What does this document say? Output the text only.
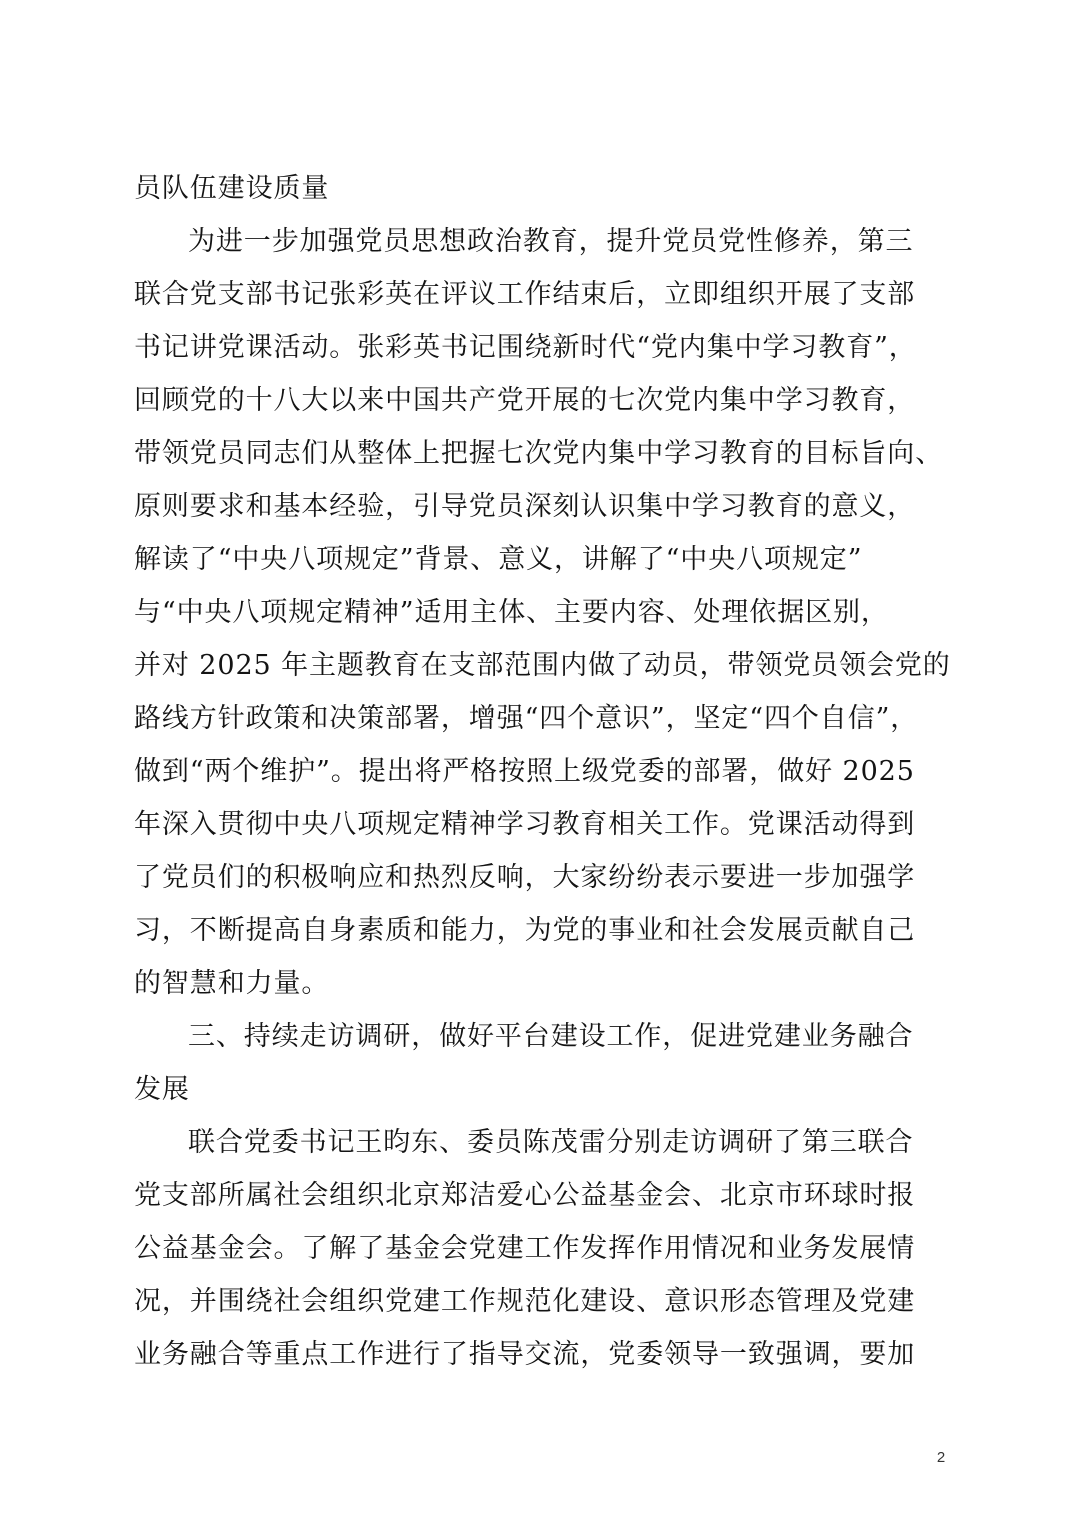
员队伍建设质量
为进一步加强党员思想政治教育，提升党员党性修养，第三
联合党支部书记张彩英在评议工作结束后，立即组织开展了支部
书记讲党课活动。张彩英书记围绕新时代“党内集中学习教育”，
回顾党的十八大以来中国共产党开展的七次党内集中学习教育，
带领党员同志们从整体上把握七次党内集中学习教育的目标旨向、
原则要求和基本经验，引导党员深刻认识集中学习教育的意义，
解读了“中央八项规定”背景、意义，讲解了“中央八项规定”
与“中央八项规定精神”适用主体、主要内容、处理依据区别，
并对 2025 年主题教育在支部范围内做了动员，带领党员领会党的
路线方针政策和决策部署，增强“四个意识”，坚定“四个自信”，
做到“两个维护”。提出将严格按照上级党委的部署，做好 2025
年深入贯彻中央八项规定精神学习教育相关工作。党课活动得到
了党员们的积极响应和热烈反响，大家纷纷表示要进一步加强学
习，不断提高自身素质和能力，为党的事业和社会发展贡献自己
的智慧和力量。
三、持续走访调研，做好平台建设工作，促进党建业务融合
发展
联合党委书记王昀东、委员陈茂雷分别走访调研了第三联合
党支部所属社会组织北京郑洁爱心公益基金会、北京市环球时报
公益基金会。了解了基金会党建工作发挥作用情况和业务发展情
况，并围绕社会组织党建工作规范化建设、意识形态管理及党建
业务融合等重点工作进行了指导交流，党委领导一致强调，要加
2
